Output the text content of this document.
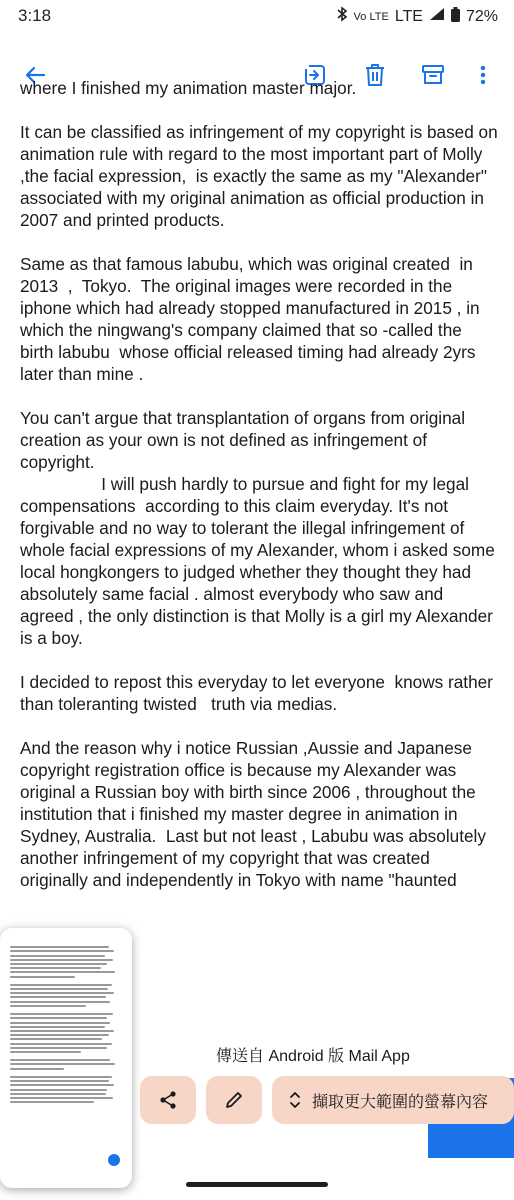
3:18	Vo LTE LTE	72%

where I finished my animation master major.

It can be classified as infringement of my copyright is based on animation rule with regard to the most important part of Molly ,the facial expression,  is exactly the same as my "Alexander"  associated with my original animation as official production in 2007 and printed products.

Same as that famous labubu, which was original created  in 2013  ,  Tokyo.  The original images were recorded in the iphone which had already stopped manufactured in 2015 , in which the ningwang's company claimed that so -called the birth labubu  whose official released timing had already 2yrs later than mine .

You can't argue that transplantation of organs from original creation as your own is not defined as infringement of copyright.
I will push hardly to pursue and fight for my legal compensations  according to this claim everyday. It's not forgivable and no way to tolerant the illegal infringement of whole facial expressions of my Alexander, whom i asked some local hongkongers to judged whether they thought they had absolutely same facial . almost everybody who saw and agreed , the only distinction is that Molly is a girl my Alexander is a boy.

I decided to repost this everyday to let everyone  knows rather than toleranting twisted   truth via medias.

And the reason why i notice Russian ,Aussie and Japanese copyright registration office is because my Alexander was original a Russian boy with birth since 2006 , throughout the institution that i finished my master degree in animation in Sydney, Australia.  Last but not least , Labubu was absolutely another infringement of my copyright that was created originally and independently in Tokyo with name "haunted

傳送自 Android 版 Mail App
擷取更大範圍的螢幕內容
